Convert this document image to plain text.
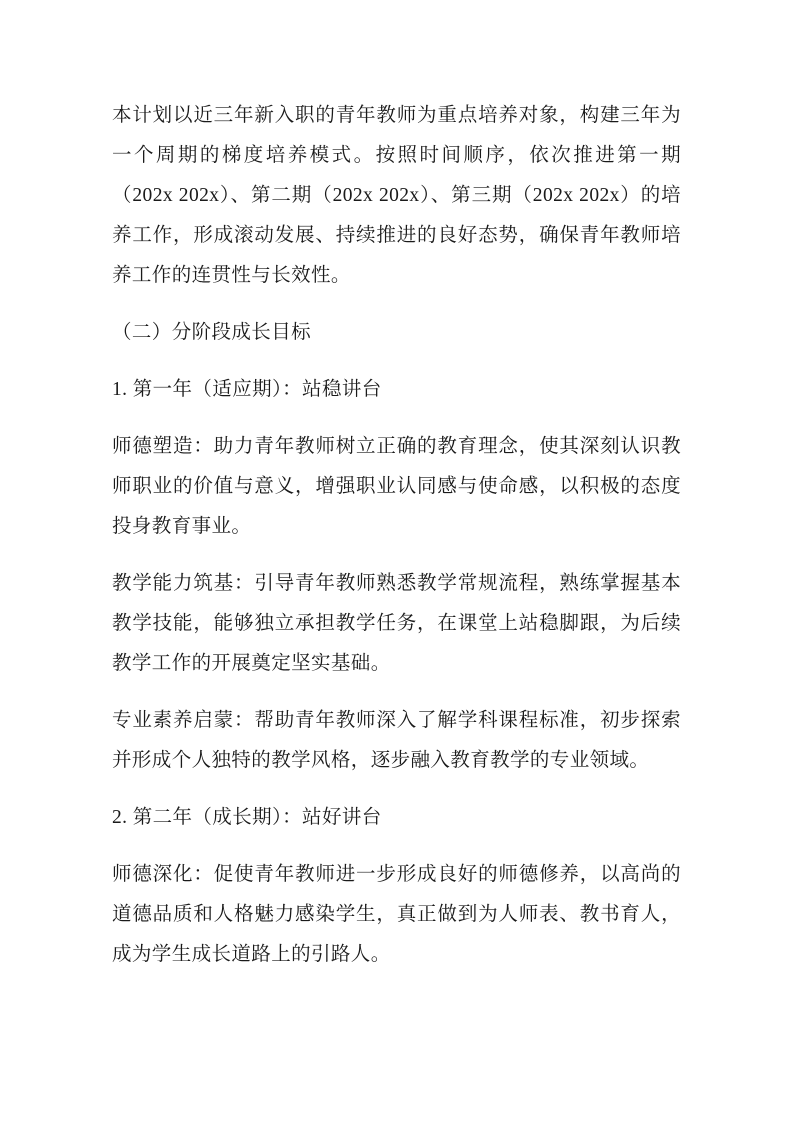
本计划以近三年新入职的青年教师为重点培养对象，构建三年为一个周期的梯度培养模式。按照时间顺序，依次推进第一期（202x 202x）、第二期（202x 202x）、第三期（202x 202x）的培养工作，形成滚动发展、持续推进的良好态势，确保青年教师培养工作的连贯性与长效性。

（二）分阶段成长目标

1. 第一年（适应期）：站稳讲台

师德塑造：助力青年教师树立正确的教育理念，使其深刻认识教师职业的价值与意义，增强职业认同感与使命感，以积极的态度投身教育事业。

教学能力筑基：引导青年教师熟悉教学常规流程，熟练掌握基本教学技能，能够独立承担教学任务，在课堂上站稳脚跟，为后续教学工作的开展奠定坚实基础。

专业素养启蒙：帮助青年教师深入了解学科课程标准，初步探索并形成个人独特的教学风格，逐步融入教育教学的专业领域。

2. 第二年（成长期）：站好讲台

师德深化：促使青年教师进一步形成良好的师德修养，以高尚的道德品质和人格魅力感染学生，真正做到为人师表、教书育人，成为学生成长道路上的引路人。
